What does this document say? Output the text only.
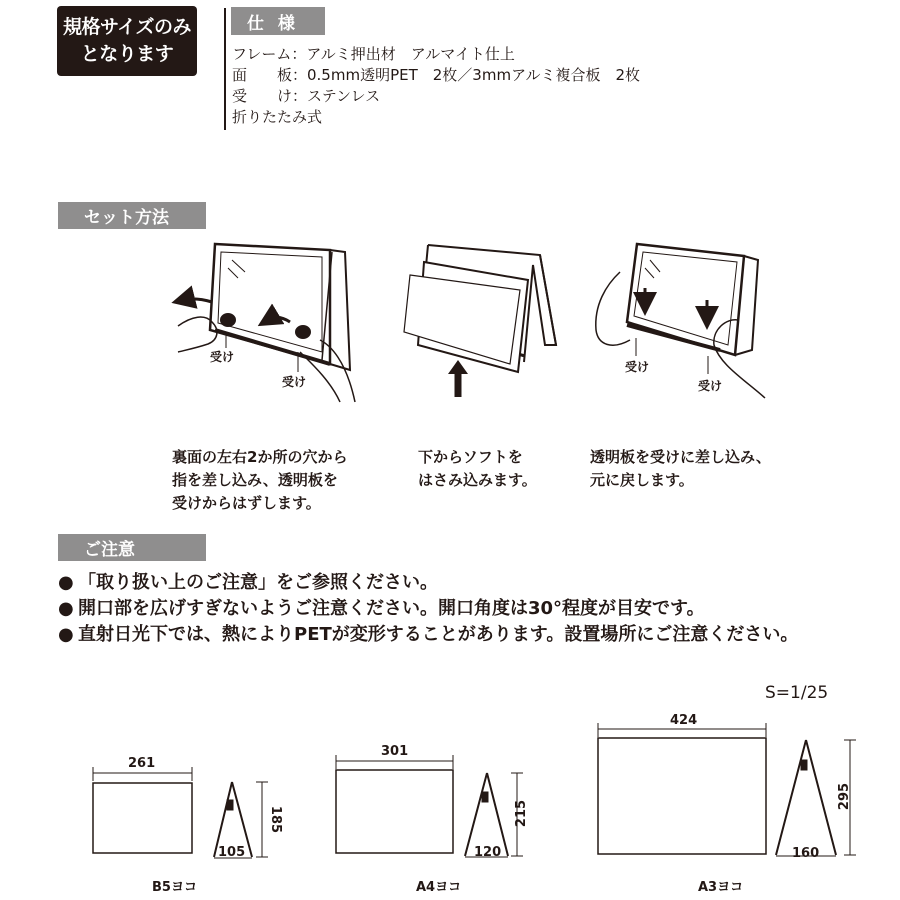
規格サイズのみ
となります
仕 様
フレーム：アルミ押出材　アルマイト仕上
面　　板：0.5mm透明PET　2枚／3mmアルミ複合板　2枚
受　　け：ステンレス
折りたたみ式
セット方法
受け
受け
受け
受け
裏面の左右2か所の穴から
指を差し込み、透明板を
受けからはずします。
下からソフトを
はさみ込みます。
透明板を受けに差し込み、
元に戻します。
ご注意
● 「取り扱い上のご注意」をご参照ください。
● 開口部を広げすぎないようご注意ください。開口角度は30°程度が目安です。
● 直射日光下では、熱によりPETが変形することがあります。設置場所にご注意ください。
S=1/25
261
185
105
B5ヨコ
301
215
120
A4ヨコ
424
295
160
A3ヨコ
